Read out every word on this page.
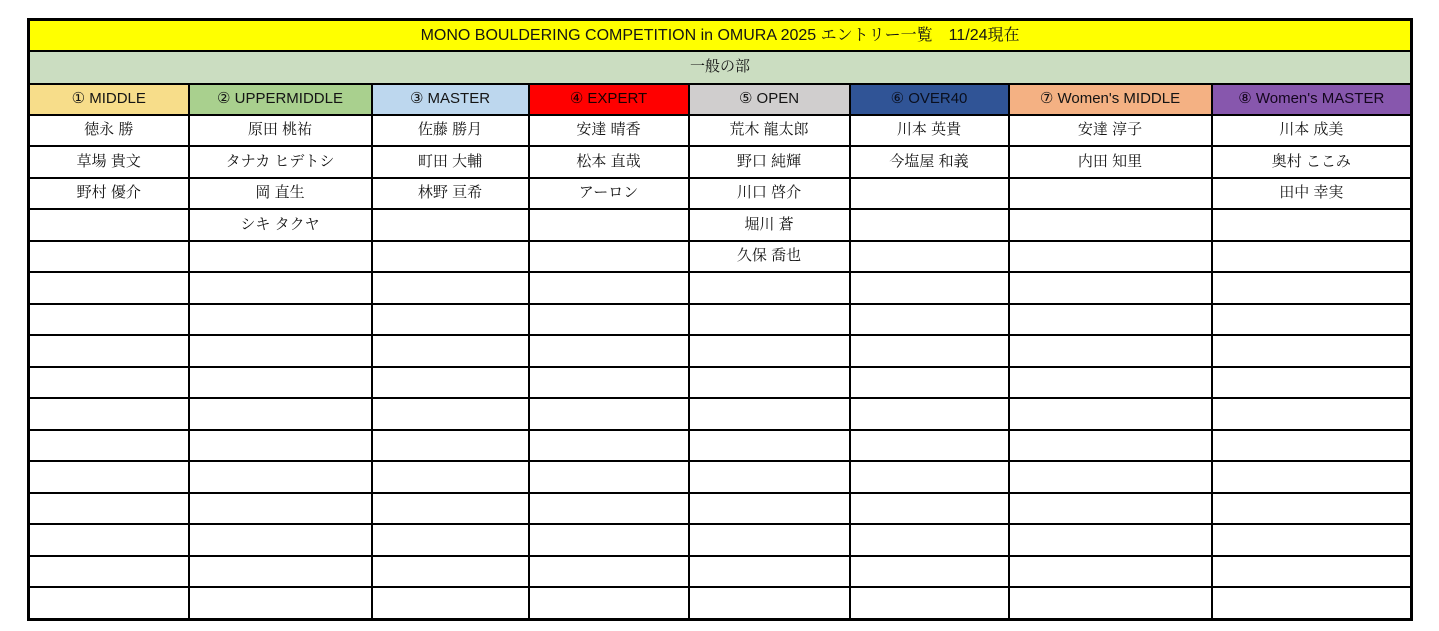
MONO BOULDERING COMPETITION in OMURA 2025 エントリー一覧　11/24現在							
一般の部							
① MIDDLE	② UPPERMIDDLE	③ MASTER	④ EXPERT	⑤ OPEN	⑥ OVER40	⑦ Women's MIDDLE	⑧ Women's MASTER
徳永 勝	原田 桃祐	佐藤 勝月	安達 晴香	荒木 龍太郎	川本 英貴	安達 淳子	川本 成美
草場 貴文	タナカ ヒデトシ	町田 大輔	松本 直哉	野口 純輝	今塩屋 和義	内田 知里	奥村 ここみ
野村 優介	岡 直生	林野 亘希	アーロン	川口 啓介			田中 幸実
	シキ タクヤ			堀川 蒼			
				久保 喬也			
